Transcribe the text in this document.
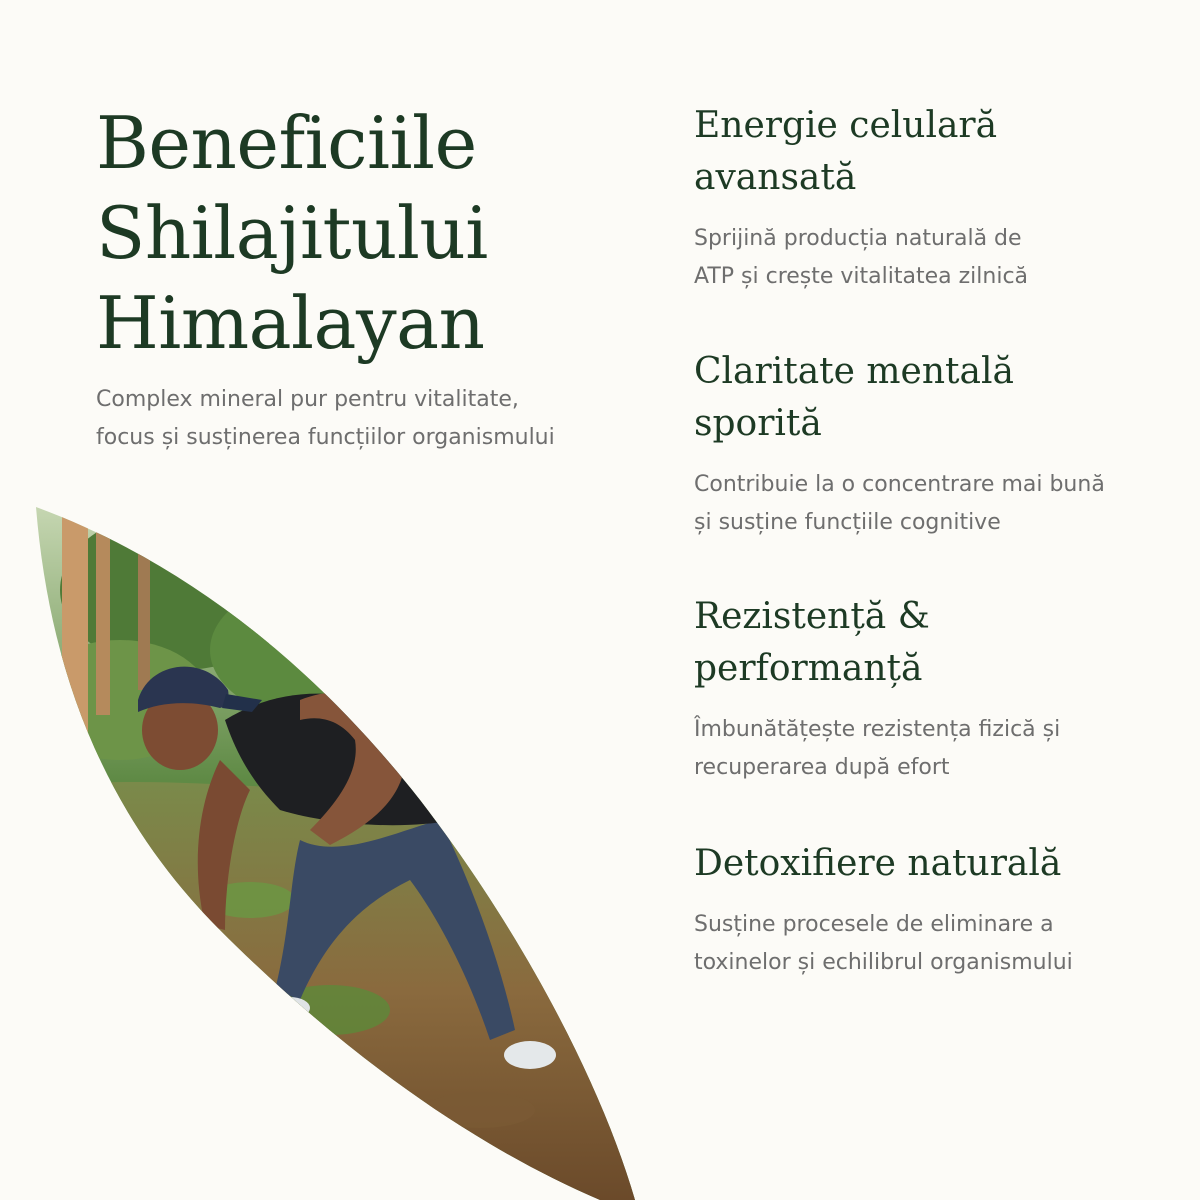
Beneficiile
Shilajitului
Himalayan

Complex mineral pur pentru vitalitate,
focus și susținerea funcțiilor organismului

Energie celulară
avansată

Sprijină producția naturală de
ATP și crește vitalitatea zilnică

Claritate mentală
sporită

Contribuie la o concentrare mai bună
și susține funcțiile cognitive

Rezistență &
performanță

Îmbunătățește rezistența fizică și
recuperarea după efort

Detoxifiere naturală

Susține procesele de eliminare a
toxinelor și echilibrul organismului
